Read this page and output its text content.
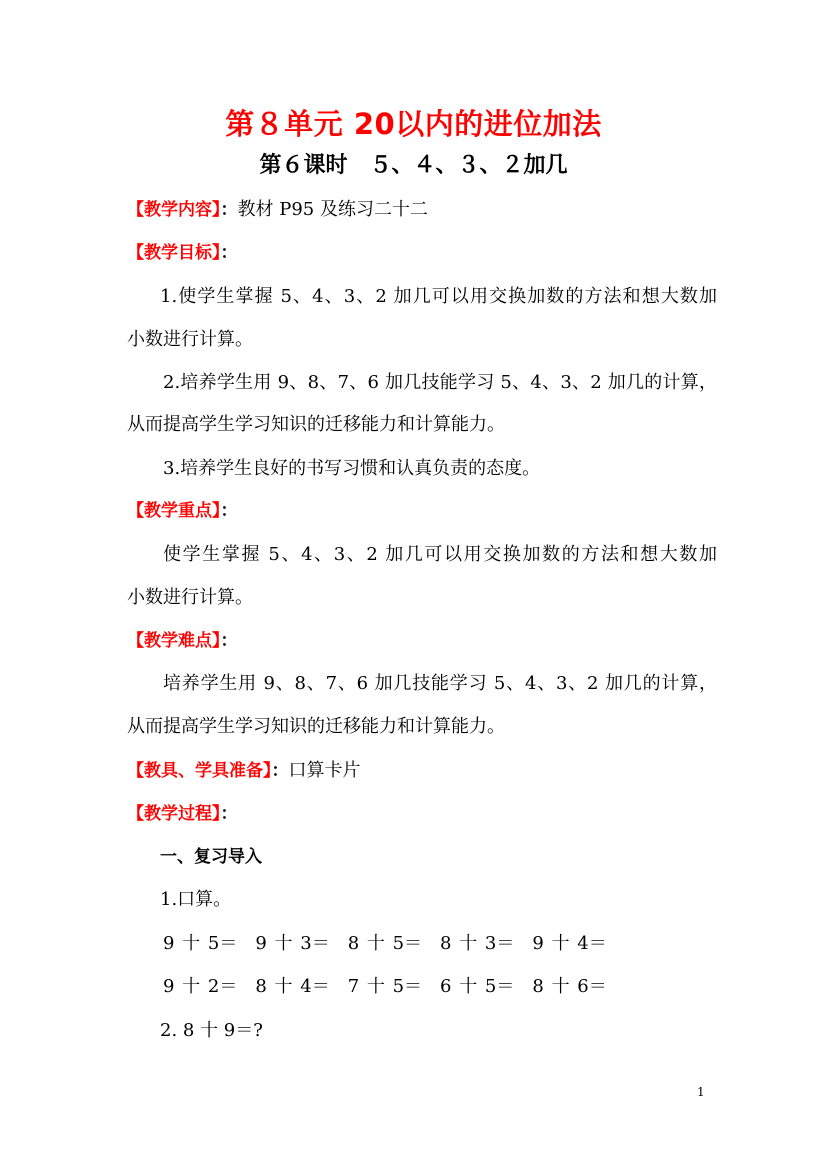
第８单元 20以内的进位加法
第６课时　５、４、３、２加几
【教学内容】：教材 P95 及练习二十二
【教学目标】：
1.使学生掌握 5、4、3、2 加几可以用交换加数的方法和想大数加
小数进行计算。
2.培养学生用 9、8、7、6 加几技能学习 5、4、3、2 加几的计算，
从而提高学生学习知识的迁移能力和计算能力。
3.培养学生良好的书写习惯和认真负责的态度。
【教学重点】：
使学生掌握 5、4、3、2 加几可以用交换加数的方法和想大数加
小数进行计算。
【教学难点】：
培养学生用 9、8、7、6 加几技能学习 5、4、3、2 加几的计算，
从而提高学生学习知识的迁移能力和计算能力。
【教具、学具准备】：口算卡片
【教学过程】：
一、复习导入
1.口算。
9 十 5＝　9 十 3＝　8 十 5＝　8 十 3＝　9 十 4＝
9 十 2＝　8 十 4＝　7 十 5＝　6 十 5＝　8 十 6＝
2. 8 十 9＝?
1
